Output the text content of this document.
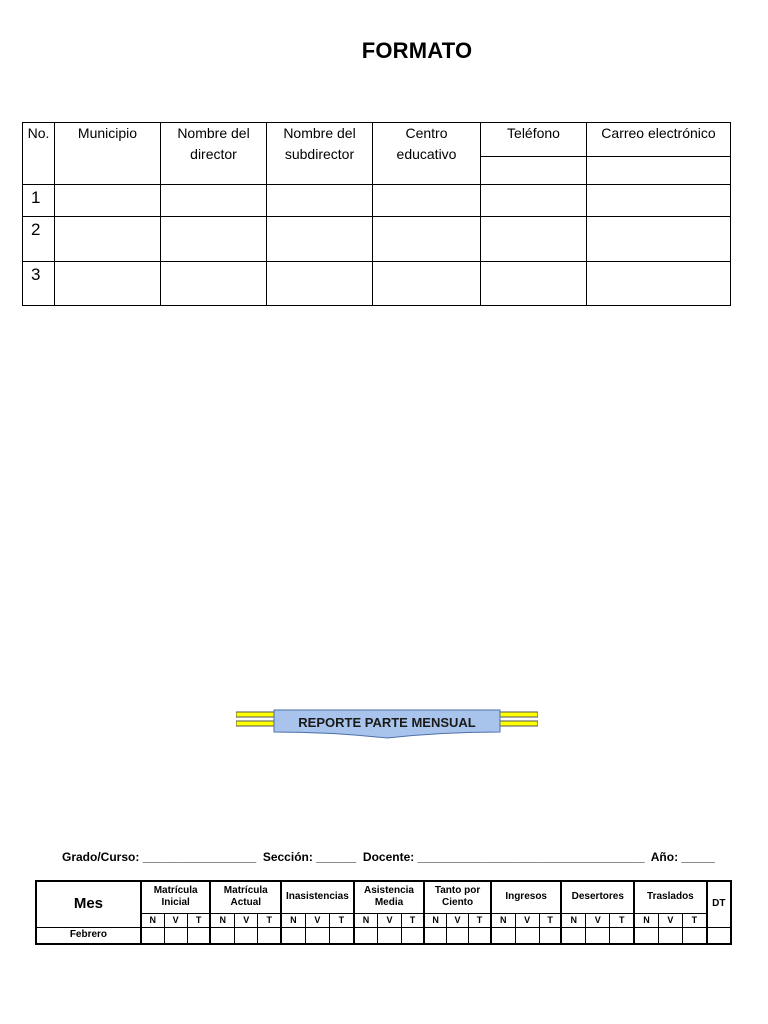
FORMATO
No.	Municipio	Nombre del director	Nombre del subdirector	Centro educativo	Teléfono	Carreo electrónico

1						
2						
3						
REPORTE PARTE MENSUAL
Grado/Curso: _________________ Sección: ______ Docente: __________________________________ Año: _____
Mes	Matrícula Inicial			Matrícula Actual			Inasistencias			Asistencia Media			Tanto por Ciento			Ingresos			Desertores			Traslados			DT
	N	V	T	N	V	T	N	V	T	N	V	T	N	V	T	N	V	T	N	V	T	N	V	T	
Febrero																									
